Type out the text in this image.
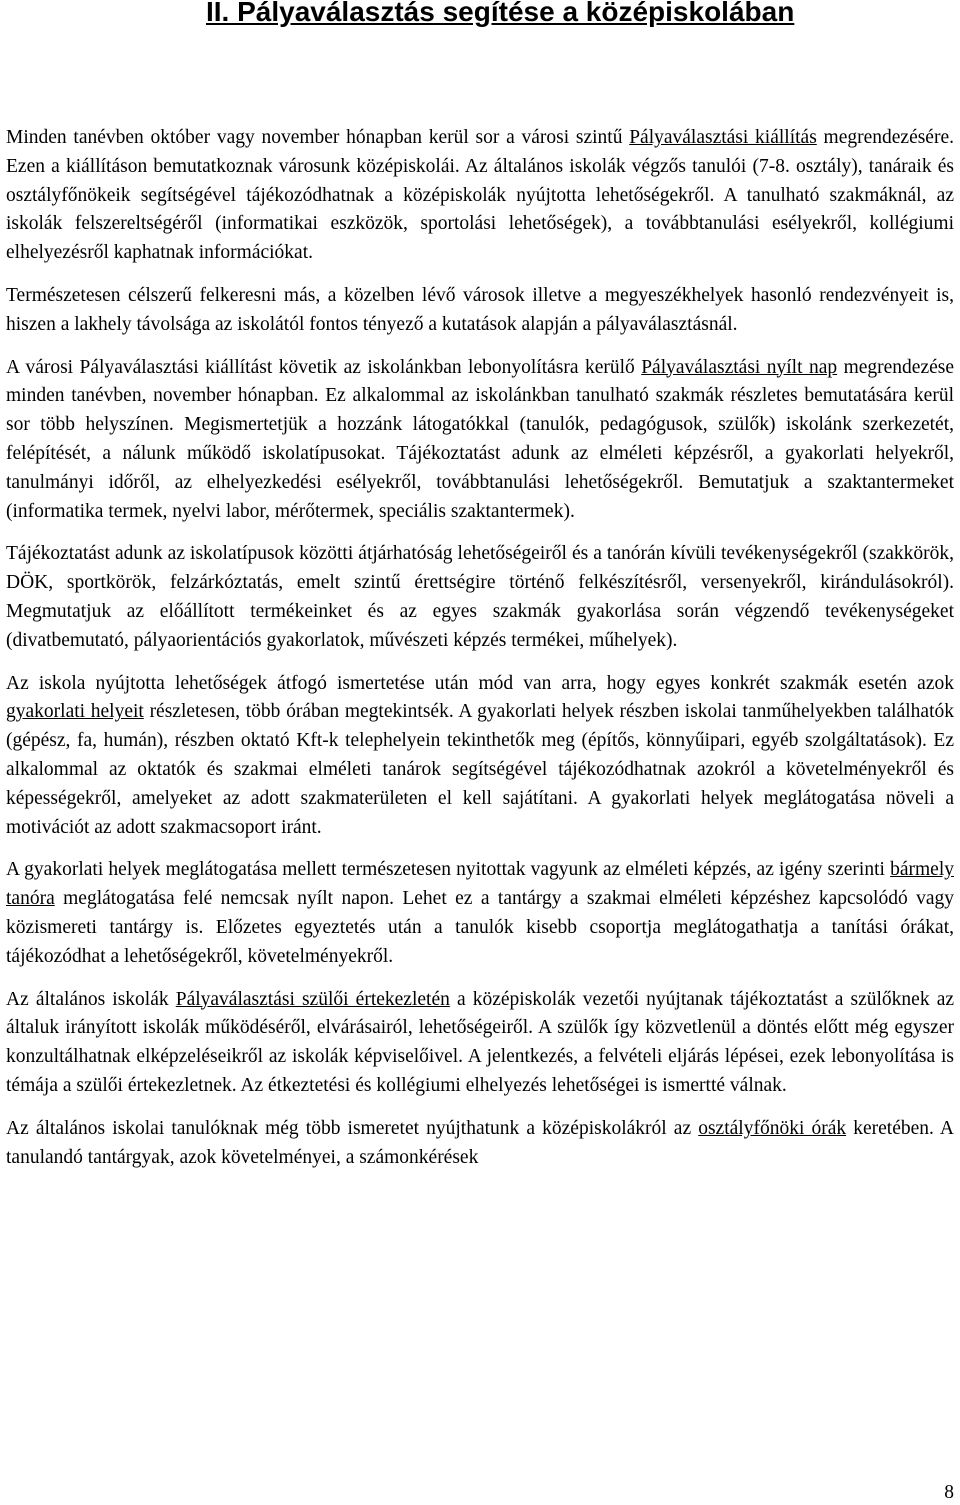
II. Pályaválasztás segítése a középiskolában

Minden tanévben október vagy november hónapban kerül sor a városi szintű Pályaválasztási kiállítás megrendezésére. Ezen a kiállításon bemutatkoznak városunk középiskolái. Az általános iskolák végzős tanulói (7-8. osztály), tanáraik és osztályfőnökeik segítségével tájékozódhatnak a középiskolák nyújtotta lehetőségekről. A tanulható szakmáknál, az iskolák felszereltségéről (informatikai eszközök, sportolási lehetőségek), a továbbtanulási esélyekről, kollégiumi elhelyezésről kaphatnak információkat.

Természetesen célszerű felkeresni más, a közelben lévő városok illetve a megyeszékhelyek hasonló rendezvényeit is, hiszen a lakhely távolsága az iskolától fontos tényező a kutatások alapján a pályaválasztásnál.

A városi Pályaválasztási kiállítást követik az iskolánkban lebonyolításra kerülő Pályaválasztási nyílt nap megrendezése minden tanévben, november hónapban. Ez alkalommal az iskolánkban tanulható szakmák részletes bemutatására kerül sor több helyszínen. Megismertetjük a hozzánk látogatókkal (tanulók, pedagógusok, szülők) iskolánk szerkezetét, felépítését, a nálunk működő iskolatípusokat. Tájékoztatást adunk az elméleti képzésről, a gyakorlati helyekről, tanulmányi időről, az elhelyezkedési esélyekről, továbbtanulási lehetőségekről. Bemutatjuk a szaktantermeket (informatika termek, nyelvi labor, mérőtermek, speciális szaktantermek).

Tájékoztatást adunk az iskolatípusok közötti átjárhatóság lehetőségeiről és a tanórán kívüli tevékenységekről (szakkörök, DÖK, sportkörök, felzárkóztatás, emelt szintű érettségire történő felkészítésről, versenyekről, kirándulásokról). Megmutatjuk az előállított termékeinket és az egyes szakmák gyakorlása során végzendő tevékenységeket (divatbemutató, pályaorientációs gyakorlatok, művészeti képzés termékei, műhelyek).

Az iskola nyújtotta lehetőségek átfogó ismertetése után mód van arra, hogy egyes konkrét szakmák esetén azok gyakorlati helyeit részletesen, több órában megtekintsék. A gyakorlati helyek részben iskolai tanműhelyekben találhatók (gépész, fa, humán), részben oktató Kft-k telephelyein tekinthetők meg (építős, könnyűipari, egyéb szolgáltatások). Ez alkalommal az oktatók és szakmai elméleti tanárok segítségével tájékozódhatnak azokról a követelményekről és képességekről, amelyeket az adott szakmaterületen el kell sajátítani. A gyakorlati helyek meglátogatása növeli a motivációt az adott szakmacsoport iránt.

A gyakorlati helyek meglátogatása mellett természetesen nyitottak vagyunk az elméleti képzés, az igény szerinti bármely tanóra meglátogatása felé nemcsak nyílt napon. Lehet ez a tantárgy a szakmai elméleti képzéshez kapcsolódó vagy közismereti tantárgy is. Előzetes egyeztetés után a tanulók kisebb csoportja meglátogathatja a tanítási órákat, tájékozódhat a lehetőségekről, követelményekről.

Az általános iskolák Pályaválasztási szülői értekezletén a középiskolák vezetői nyújtanak tájékoztatást a szülőknek az általuk irányított iskolák működéséről, elvárásairól, lehetőségeiről. A szülők így közvetlenül a döntés előtt még egyszer konzultálhatnak elképzeléseikről az iskolák képviselőivel. A jelentkezés, a felvételi eljárás lépései, ezek lebonyolítása is témája a szülői értekezletnek. Az étkeztetési és kollégiumi elhelyezés lehetőségei is ismertté válnak.

Az általános iskolai tanulóknak még több ismeretet nyújthatunk a középiskolákról az osztályfőnöki órák keretében. A tanulandó tantárgyak, azok követelményei, a számonkérések

8
